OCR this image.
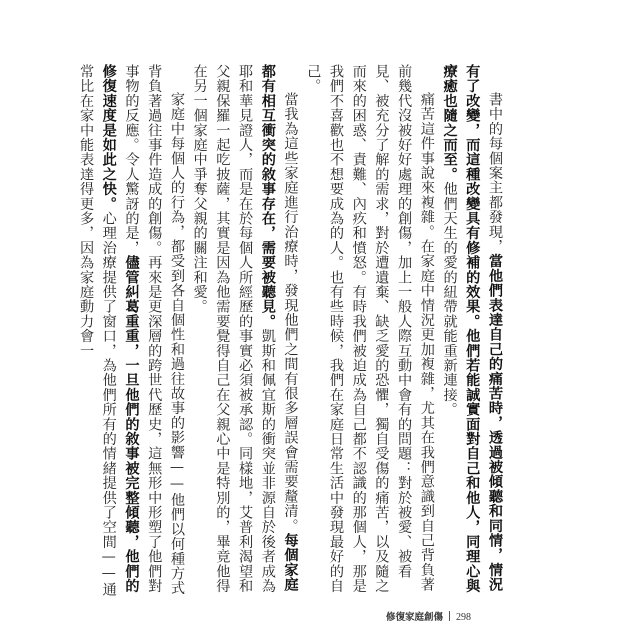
書中的每個案主都發現，當他們表達自己的痛苦時，透過被傾聽和同情，情況有了改變，而這種改變具有修補的效果。他們若能誠實面對自己和他人，同理心與療癒也隨之而至。他們天生的愛的紐帶就能重新連接。

痛苦這件事說來複雜。在家庭中情況更加複雜，尤其在我們意識到自己背負著前幾代沒被好好處理的創傷，加上一般人際互動中會有的問題：對於被愛、被看見、被充分了解的需求，對於遭遺棄、缺乏愛的恐懼，獨自受傷的痛苦，以及隨之而來的困惑、責難、內疚和憤怒。有時我們被迫成為自己都不認識的那個人，那是我們不喜歡也不想要成為的人。也有些時候，我們在家庭日常生活中發現最好的自己。

當我為這些家庭進行治療時，發現他們之間有很多層誤會需要釐清。每個家庭都有相互衝突的敘事存在，需要被聽見。凱斯和佩宜斯的衝突並非源自於後者成為耶和華見證人，而是在於每個人所經歷的事實必須被承認。同樣地，艾普利渴望和父親保羅一起吃披薩，其實是因為他需要覺得自己在父親心中是特別的，畢竟他得在另一個家庭中爭奪父親的關注和愛。

家庭中每個人的行為，都受到各自個性和過往故事的影響——他們以何種方式背負著過往事件造成的創傷。再來是更深層的跨世代歷史，這無形中形塑了他們對事物的反應。令人驚訝的是，儘管糾葛重重，一旦他們的敘事被完整傾聽，他們的修復速度是如此之快。心理治療提供了窗口，為他們所有的情緒提供了空間——通常比在家中能表達得更多，因為家庭動力會一

修復家庭創傷 298
